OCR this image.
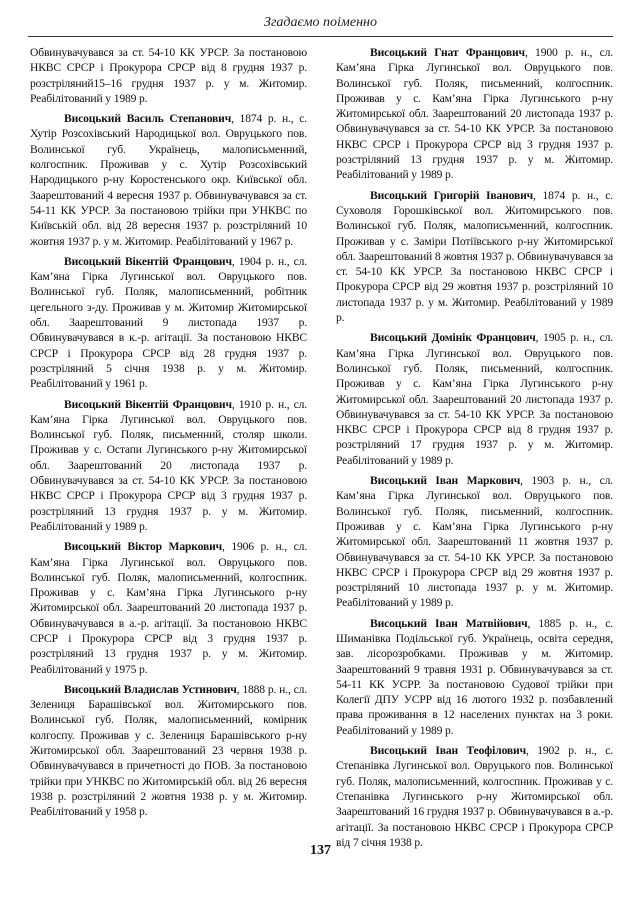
Згадаємо поіменно

Обвинувачувався за ст. 54-10 КК УРСР. За постановою НКВС СРСР і Прокурора СРСР від 8 грудня 1937 р. розстріляний15–16 грудня 1937 р. у м. Житомир. Реабілітований у 1989 р.

Висоцький Василь Степанович, 1874 р. н., с. Хутір Розсохівський Народицької вол. Овруцького пов. Волинської губ. Українець, малописьменний, колгоспник. Проживав у с. Хутір Розсохівський Народицького р-ну Коростенського окр. Київської обл. Заарештований 4 вересня 1937 р. Обвинувачувався за ст. 54-11 КК УРСР. За постановою трійки при УНКВС по Київській обл. від 28 вересня 1937 р. розстріляний 10 жовтня 1937 р. у м. Житомир. Реабілітований у 1967 р.

Висоцький Вікентій Францович, 1904 р. н., сл. Кам’яна Гірка Лугинської вол. Овруцького пов. Волинської губ. Поляк, малописьменний, робітник цегельного з-ду. Проживав у м. Житомир Житомирської обл. Заарештований 9 листопада 1937 р. Обвинувачувався в к.-р. агітації. За постановою НКВС СРСР і Прокурора СРСР від 28 грудня 1937 р. розстріляний 5 січня 1938 р. у м. Житомир. Реабілітований у 1961 р.

Висоцький Вікентій Францович, 1910 р. н., сл. Кам’яна Гірка Лугинської вол. Овруцького пов. Волинської губ. Поляк, письменний, столяр школи. Проживав у с. Остапи Лугинського р-ну Житомирської обл. Заарештований 20 листопада 1937 р. Обвинувачувався за ст. 54-10 КК УРСР. За постановою НКВС СРСР і Прокурора СРСР від 3 грудня 1937 р. розстріляний 13 грудня 1937 р. у м. Житомир. Реабілітований у 1989 р.

Висоцький Віктор Маркович, 1906 р. н., сл. Кам’яна Гірка Лугинської вол. Овруцького пов. Волинської губ. Поляк, малописьменний, колгоспник. Проживав у с. Кам’яна Гірка Лугинського р-ну Житомирської обл. Заарештований 20 листопада 1937 р. Обвинувачувався в а.-р. агітації. За постановою НКВС СРСР і Прокурора СРСР від 3 грудня 1937 р. розстріляний 13 грудня 1937 р. у м. Житомир. Реабілітований у 1975 р.

Висоцький Владислав Устинович, 1888 р. н., сл. Зелениця Барашівської вол. Житомирського пов. Волинської губ. Поляк, малописьменний, комірник колгоспу. Проживав у с. Зелениця Барашівського р-ну Житомирської обл. Заарештований 23 червня 1938 р. Обвинувачувався в причетності до ПОВ. За постановою трійки при УНКВС по Житомирській обл. від 26 вересня 1938 р. розстріляний 2 жовтня 1938 р. у м. Житомир. Реабілітований у 1958 р.

Висоцький Гнат Францович, 1900 р. н., сл. Кам’яна Гірка Лугинської вол. Овруцького пов. Волинської губ. Поляк, письменний, колгоспник. Проживав у с. Кам’яна Гірка Лугинського р-ну Житомирської обл. Заарештований 20 листопада 1937 р. Обвинувачувався за ст. 54-10 КК УРСР. За постановою НКВС СРСР і Прокурора СРСР від 3 грудня 1937 р. розстріляний 13 грудня 1937 р. у м. Житомир. Реабілітований у 1989 р.

Висоцький Григорій Іванович, 1874 р. н., с. Суховоля Горошківської вол. Житомирського пов. Волинської губ. Поляк, малописьменний, колгоспник. Проживав у с. Заміри Потіївського р-ну Житомирської обл. Заарештований 8 жовтня 1937 р. Обвинувачувався за ст. 54-10 КК УРСР. За постановою НКВС СРСР і Прокурора СРСР від 29 жовтня 1937 р. розстріляний 10 листопада 1937 р. у м. Житомир. Реабілітований у 1989 р.

Висоцький Домінік Францович, 1905 р. н., сл. Кам’яна Гірка Лугинської вол. Овруцького пов. Волинської губ. Поляк, письменний, колгоспник. Проживав у с. Кам’яна Гірка Лугинського р-ну Житомирської обл. Заарештований 20 листопада 1937 р. Обвинувачувався за ст. 54-10 КК УРСР. За постановою НКВС СРСР і Прокурора СРСР від 8 грудня 1937 р. розстріляний 17 грудня 1937 р. у м. Житомир. Реабілітований у 1989 р.

Висоцький Іван Маркович, 1903 р. н., сл. Кам’яна Гірка Лугинської вол. Овруцького пов. Волинської губ. Поляк, письменний, колгоспник. Проживав у с. Кам’яна Гірка Лугинського р-ну Житомирської обл. Заарештований 11 жовтня 1937 р. Обвинувачувався за ст. 54-10 КК УРСР. За постановою НКВС СРСР і Прокурора СРСР від 29 жовтня 1937 р. розстріляний 10 листопада 1937 р. у м. Житомир. Реабілітований у 1989 р.

Висоцький Іван Матвійович, 1885 р. н., с. Шиманівка Подільської губ. Українець, освіта середня, зав. лісорозробками. Проживав у м. Житомир. Заарештований 9 травня 1931 р. Обвинувачувався за ст. 54-11 КК УСРР. За постановою Судової трійки при Колегії ДПУ УСРР від 16 лютого 1932 р. позбавлений права проживання в 12 населених пунктах на 3 роки. Реабілітований у 1989 р.

Висоцький Іван Теофілович, 1902 р. н., с. Степанівка Лугинської вол. Овруцького пов. Волинської губ. Поляк, малописьменний, колгоспник. Проживав у с. Степанівка Лугинського р-ну Житомирської обл. Заарештований 16 грудня 1937 р. Обвинувачувався в а.-р. агітації. За постановою НКВС СРСР і Прокурора СРСР від 7 січня 1938 р.

137
